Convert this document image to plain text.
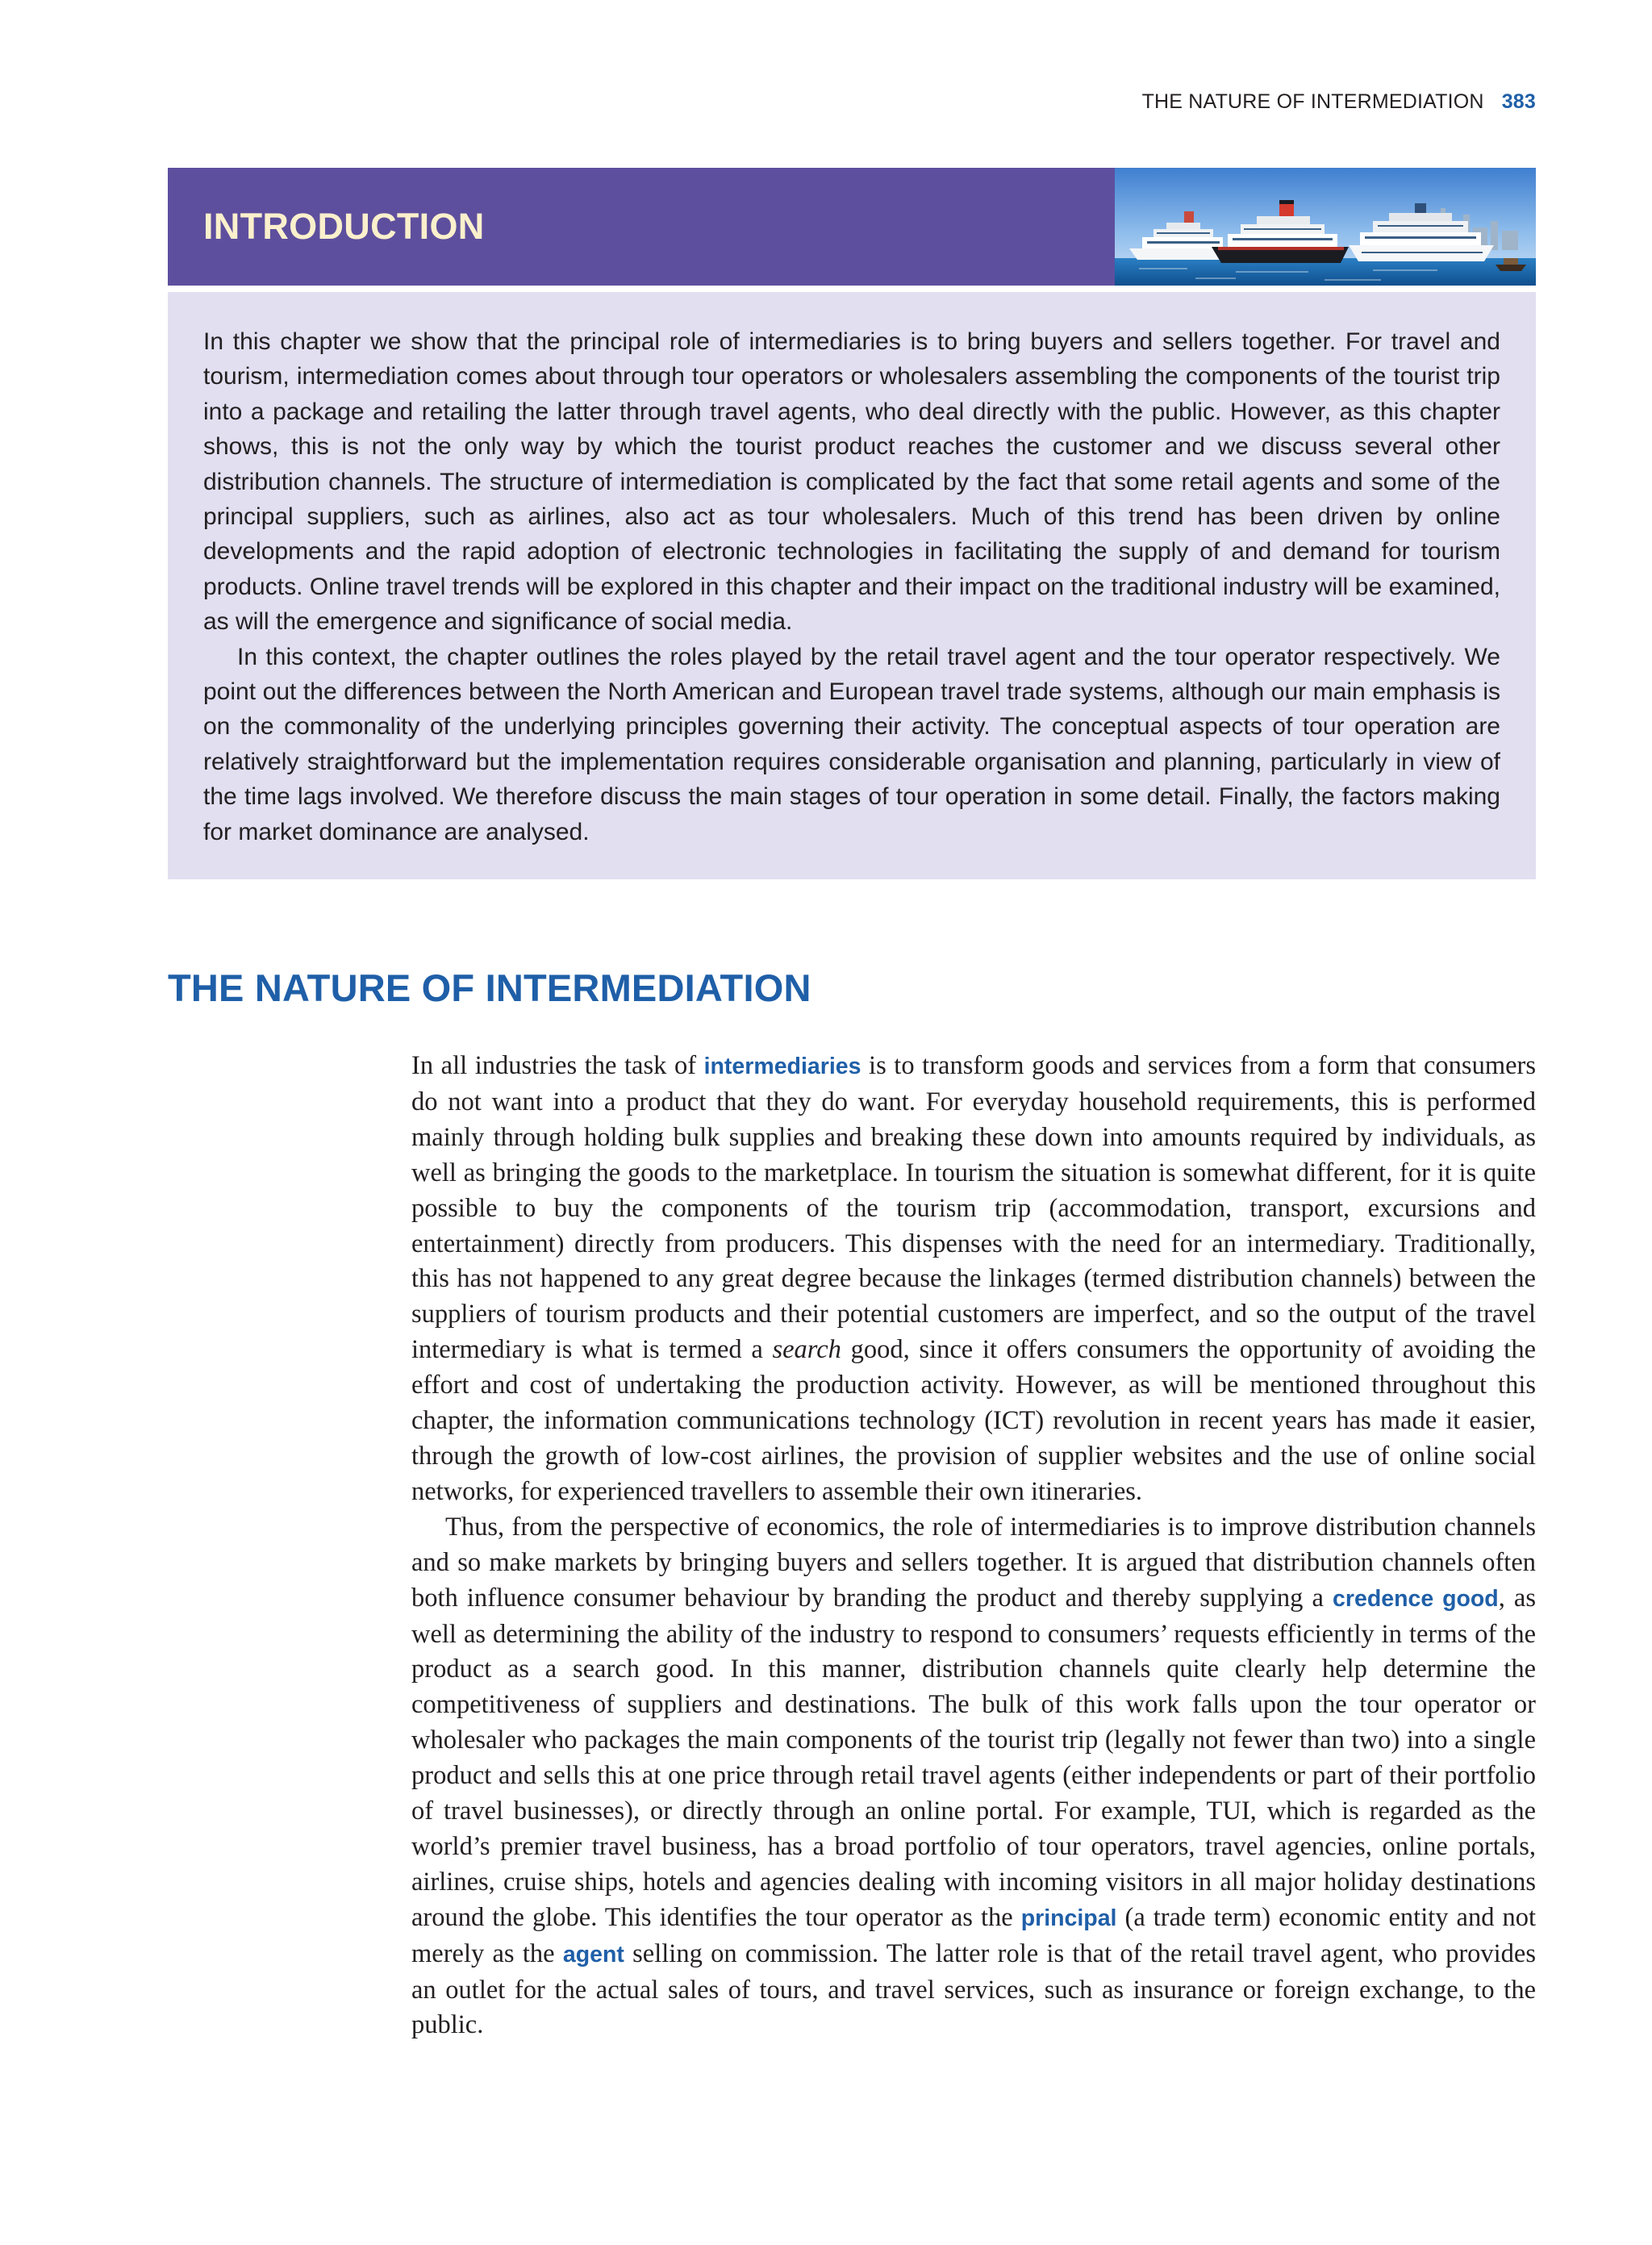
THE NATURE OF INTERMEDIATION 383
INTRODUCTION

In this chapter we show that the principal role of intermediaries is to bring buyers and sellers together. For travel and tourism, intermediation comes about through tour operators or wholesalers assembling the components of the tourist trip into a package and retailing the latter through travel agents, who deal directly with the public. However, as this chapter shows, this is not the only way by which the tourist product reaches the customer and we discuss several other distribution channels. The structure of intermediation is complicated by the fact that some retail agents and some of the principal suppliers, such as airlines, also act as tour wholesalers. Much of this trend has been driven by online developments and the rapid adoption of electronic technologies in facilitating the supply of and demand for tourism products. Online travel trends will be explored in this chapter and their impact on the traditional industry will be examined, as will the emergence and significance of social media.

In this context, the chapter outlines the roles played by the retail travel agent and the tour operator respectively. We point out the differences between the North American and European travel trade systems, although our main emphasis is on the commonality of the underlying principles governing their activity. The conceptual aspects of tour operation are relatively straightforward but the implementation requires considerable organisation and planning, particularly in view of the time lags involved. We therefore discuss the main stages of tour operation in some detail. Finally, the factors making for market dominance are analysed.

THE NATURE OF INTERMEDIATION

In all industries the task of intermediaries is to transform goods and services from a form that consumers do not want into a product that they do want. For everyday household requirements, this is performed mainly through holding bulk supplies and breaking these down into amounts required by individuals, as well as bringing the goods to the marketplace. In tourism the situation is somewhat different, for it is quite possible to buy the components of the tourism trip (accommodation, transport, excursions and entertainment) directly from producers. This dispenses with the need for an intermediary. Traditionally, this has not happened to any great degree because the linkages (termed distribution channels) between the suppliers of tourism products and their potential customers are imperfect, and so the output of the travel intermediary is what is termed a search good, since it offers consumers the opportunity of avoiding the effort and cost of undertaking the production activity. However, as will be mentioned throughout this chapter, the information communications technology (ICT) revolution in recent years has made it easier, through the growth of low-cost airlines, the provision of supplier websites and the use of online social networks, for experienced travellers to assemble their own itineraries.

Thus, from the perspective of economics, the role of intermediaries is to improve distribution channels and so make markets by bringing buyers and sellers together. It is argued that distribution channels often both influence consumer behaviour by branding the product and thereby supplying a credence good, as well as determining the ability of the industry to respond to consumers’ requests efficiently in terms of the product as a search good. In this manner, distribution channels quite clearly help determine the competitiveness of suppliers and destinations. The bulk of this work falls upon the tour operator or wholesaler who packages the main components of the tourist trip (legally not fewer than two) into a single product and sells this at one price through retail travel agents (either independents or part of their portfolio of travel businesses), or directly through an online portal. For example, TUI, which is regarded as the world’s premier travel business, has a broad portfolio of tour operators, travel agencies, online portals, airlines, cruise ships, hotels and agencies dealing with incoming visitors in all major holiday destinations around the globe. This identifies the tour operator as the principal (a trade term) economic entity and not merely as the agent selling on commission. The latter role is that of the retail travel agent, who provides an outlet for the actual sales of tours, and travel services, such as insurance or foreign exchange, to the public.
